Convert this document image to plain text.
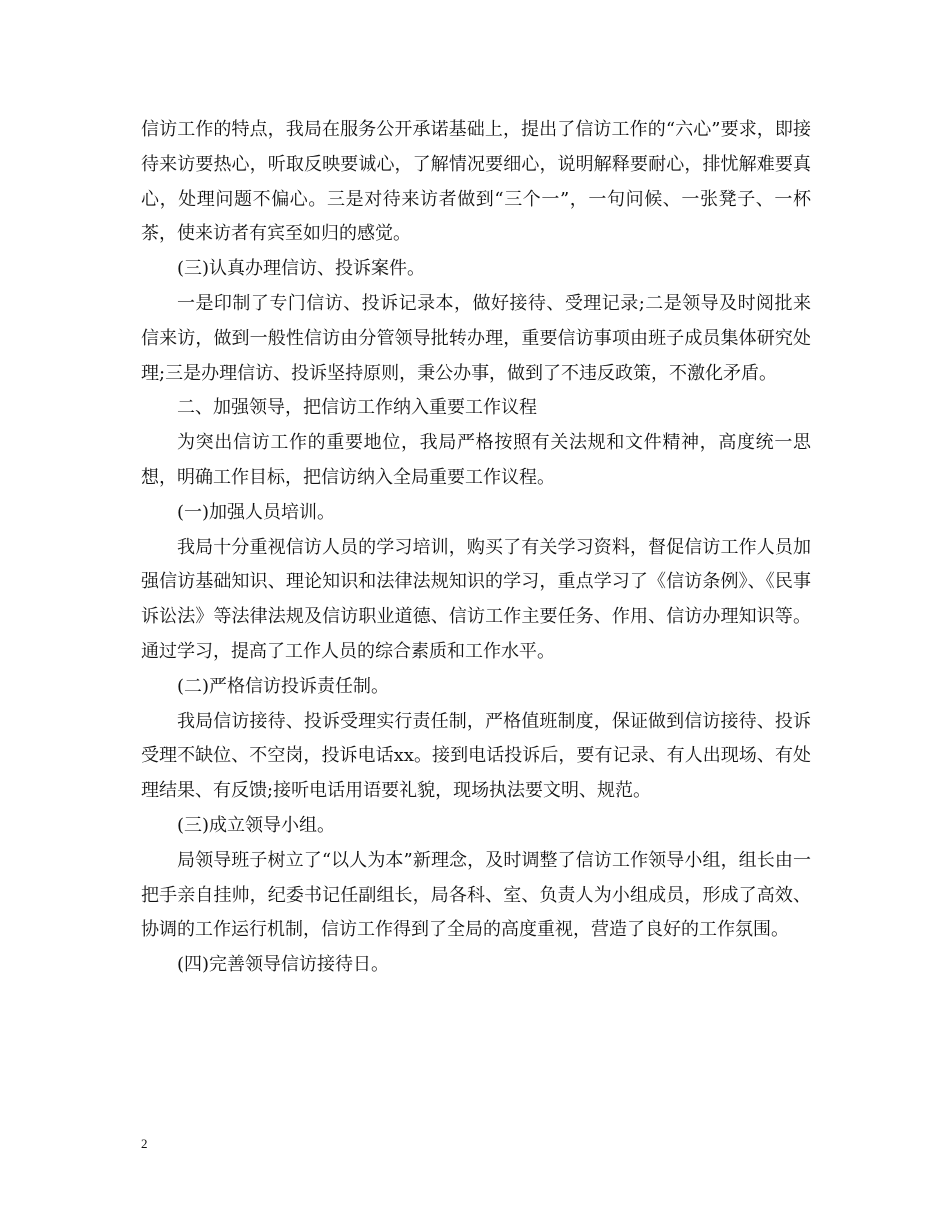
信访工作的特点，我局在服务公开承诺基础上，提出了信访工作的“六心”要求，即接待来访要热心，听取反映要诚心，了解情况要细心，说明解释要耐心，排忧解难要真心，处理问题不偏心。三是对待来访者做到“三个一”，一句问候、一张凳子、一杯茶，使来访者有宾至如归的感觉。

(三)认真办理信访、投诉案件。

一是印制了专门信访、投诉记录本，做好接待、受理记录;二是领导及时阅批来信来访，做到一般性信访由分管领导批转办理，重要信访事项由班子成员集体研究处理;三是办理信访、投诉坚持原则，秉公办事，做到了不违反政策，不激化矛盾。

二、加强领导，把信访工作纳入重要工作议程

为突出信访工作的重要地位，我局严格按照有关法规和文件精神，高度统一思想，明确工作目标，把信访纳入全局重要工作议程。

(一)加强人员培训。

我局十分重视信访人员的学习培训，购买了有关学习资料，督促信访工作人员加强信访基础知识、理论知识和法律法规知识的学习，重点学习了《信访条例》、《民事诉讼法》等法律法规及信访职业道德、信访工作主要任务、作用、信访办理知识等。通过学习，提高了工作人员的综合素质和工作水平。

(二)严格信访投诉责任制。

我局信访接待、投诉受理实行责任制，严格值班制度，保证做到信访接待、投诉受理不缺位、不空岗，投诉电话xx。接到电话投诉后，要有记录、有人出现场、有处理结果、有反馈;接听电话用语要礼貌，现场执法要文明、规范。

(三)成立领导小组。

局领导班子树立了“以人为本”新理念，及时调整了信访工作领导小组，组长由一把手亲自挂帅，纪委书记任副组长，局各科、室、负责人为小组成员，形成了高效、协调的工作运行机制，信访工作得到了全局的高度重视，营造了良好的工作氛围。

(四)完善领导信访接待日。

2
